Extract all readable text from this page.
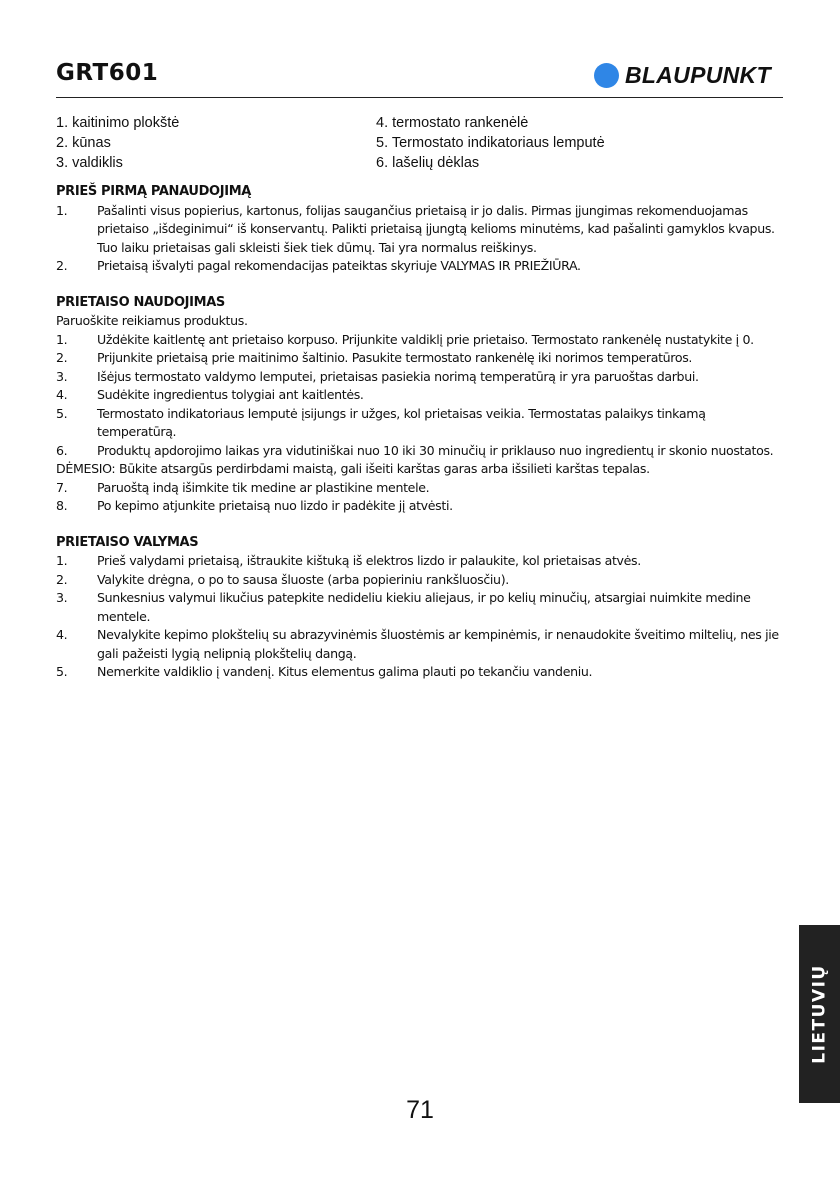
GRT601	BLAUPUNKT
1. kaitinimo plokštė
2. kūnas
3. valdiklis
4. termostato rankenėlė
5. Termostato indikatoriaus lemputė
6. lašelių dėklas

PRIEŠ PIRMĄ PANAUDOJIMĄ

1.	Pašalinti visus popierius, kartonus, folijas saugančius prietaisą ir jo dalis. Pirmas įjungimas rekomenduojamas prietaiso „išdeginimui“ iš konservantų. Palikti prietaisą įjungtą kelioms minutėms, kad pašalinti gamyklos kvapus. Tuo laiku prietaisas gali skleisti šiek tiek dūmų. Tai yra normalus reiškinys.
2.	Prietaisą išvalyti pagal rekomendacijas pateiktas skyriuje VALYMAS IR PRIEŽIŪRA.

PRIETAISO NAUDOJIMAS

Paruoškite reikiamus produktus.

1.	Uždėkite kaitlentę ant prietaiso korpuso. Prijunkite valdiklį prie prietaiso. Termostato rankenėlę nustatykite į 0.
2.	Prijunkite prietaisą prie maitinimo šaltinio. Pasukite termostato rankenėlę iki norimos temperatūros.
3.	Išėjus termostato valdymo lemputei, prietaisas pasiekia norimą temperatūrą ir yra paruoštas darbui.
4.	Sudėkite ingredientus tolygiai ant kaitlentės.
5.	Termostato indikatoriaus lemputė įsijungs ir užges, kol prietaisas veikia. Termostatas palaikys tinkamą temperatūrą.
6.	Produktų apdorojimo laikas yra vidutiniškai nuo 10 iki 30 minučių ir priklauso nuo ingredientų ir skonio nuostatos.

DĖMESIO: Būkite atsargūs perdirbdami maistą, gali išeiti karštas garas arba išsilieti karštas tepalas.

7.	Paruoštą indą išimkite tik medine ar plastikine mentele.
8.	Po kepimo atjunkite prietaisą nuo lizdo ir padėkite jį atvėsti.

PRIETAISO VALYMAS

1.	Prieš valydami prietaisą, ištraukite kištuką iš elektros lizdo ir palaukite, kol prietaisas atvės.
2.	Valykite drėgna, o po to sausa šluoste (arba popieriniu rankšluosčiu).
3.	Sunkesnius valymui likučius patepkite nedideliu kiekiu aliejaus, ir po kelių minučių, atsargiai nuimkite medine mentele.
4.	Nevalykite kepimo plokštelių su abrazyvinėmis šluostėmis ar kempinėmis, ir nenaudokite šveitimo miltelių, nes jie gali pažeisti lygią nelipnią plokštelių dangą.
5.	Nemerkite valdiklio į vandenį. Kitus elementus galima plauti po tekančiu vandeniu.
LIETUVIŲ
71
